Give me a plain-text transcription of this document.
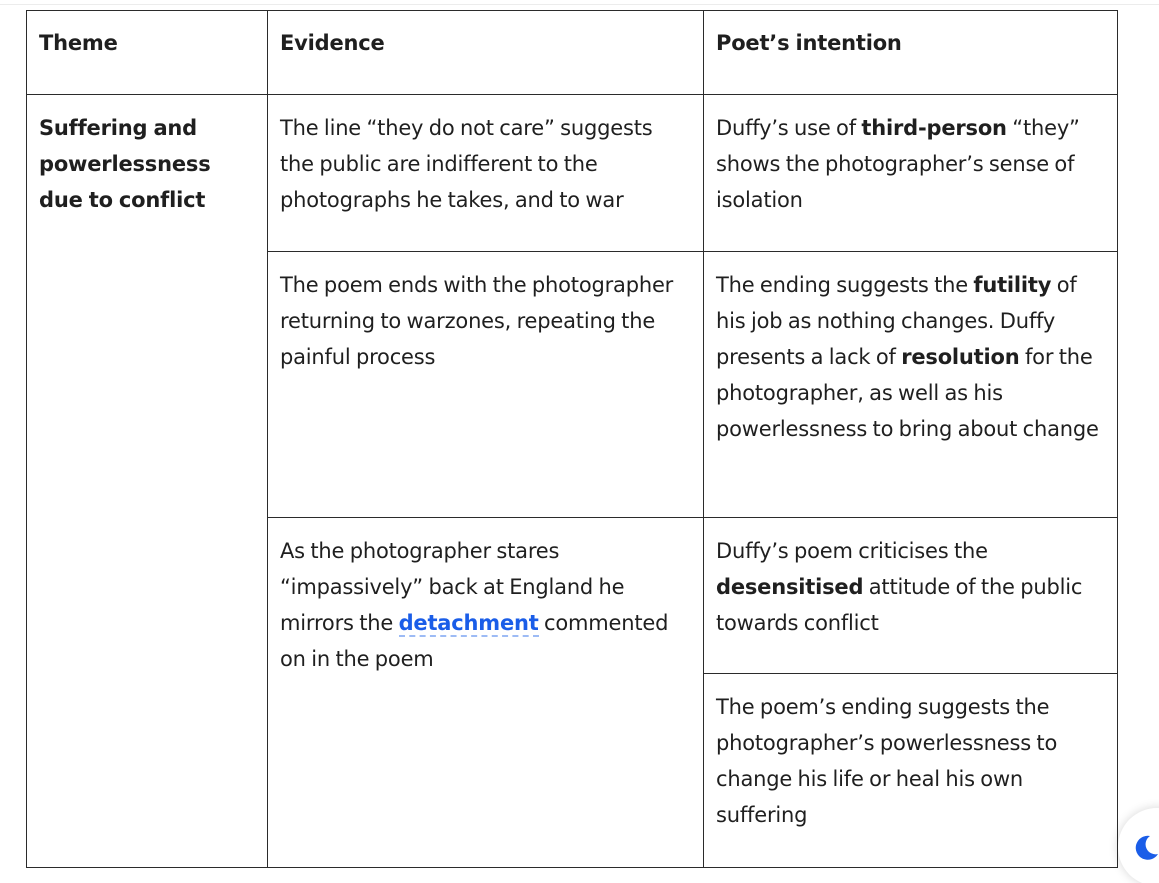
Theme	Evidence	Poet’s intention
Suffering and powerlessness due to conflict	The line “they do not care” suggests the public are indifferent to the photographs he takes, and to war	Duffy’s use of third-person “they” shows the photographer’s sense of isolation
	The poem ends with the photographer returning to warzones, repeating the painful process	The ending suggests the futility of his job as nothing changes. Duffy presents a lack of resolution for the photographer, as well as his powerlessness to bring about change
	As the photographer stares “impassively” back at England he mirrors the detachment commented on in the poem	Duffy’s poem criticises the desensitised attitude of the public towards conflict
		The poem’s ending suggests the photographer’s powerlessness to change his life or heal his own suffering
